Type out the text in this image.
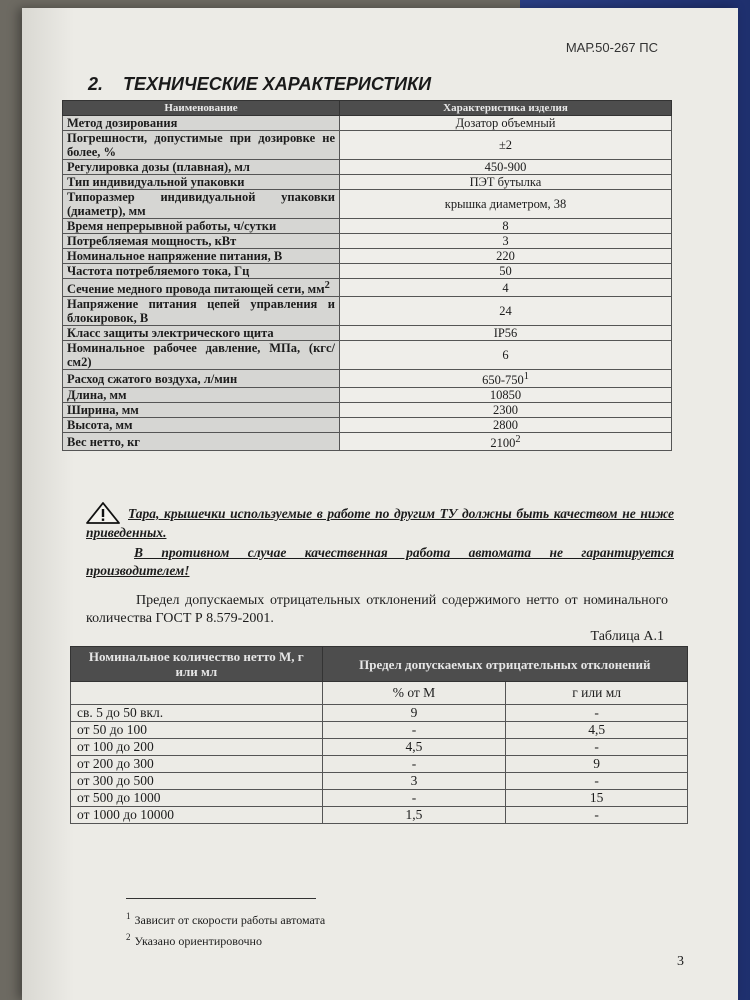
МАР.50-267 ПС
2. ТЕХНИЧЕСКИЕ ХАРАКТЕРИСТИКИ
Наименование	Характеристика изделия
Метод дозирования	Дозатор объемный
Погрешности, допустимые при дозировке не более, %	±2
Регулировка дозы (плавная), мл	450-900
Тип индивидуальной упаковки	ПЭТ бутылка
Типоразмер индивидуальной упаковки (диаметр), мм	крышка диаметром, 38
Время непрерывной работы, ч/сутки	8
Потребляемая мощность, кВт	3
Номинальное напряжение питания, В	220
Частота потребляемого тока, Гц	50
Сечение медного провода питающей сети, $мм^2$	4
Напряжение питания цепей управления и блокировок, В	24
Класс защиты электрического щита	IP56
Номинальное рабочее давление, МПа, (кгс/см2)	6
Расход сжатого воздуха, л/мин	$650-750^1$
Длина, мм	10850
Ширина, мм	2300
Высота, мм	2800
Вес нетто, кг	2100$^2$

Тара, крышечки используемые в работе по другим ТУ должны быть качеством не ниже приведенных.

В противном случае качественная работа автомата не гарантируется производителем!

Предел допускаемых отрицательных отклонений содержимого нетто от номинального количества ГОСТ Р 8.579-2001.
Таблица А.1
Номинальное количество нетто М, г или мл	Предел допускаемых отрицательных отклонений	
	% от М	г или мл
св. 5 до 50 вкл.	9	-
от 50 до 100	-	4,5
от 100 до 200	4,5	-
от 200 до 300	-	9
от 300 до 500	3	-
от 500 до 1000	-	15
от 1000 до 10000	1,5	-
$^1$ Зависит от скорости работы автомата
$^2$ Указано ориентировочно
3
